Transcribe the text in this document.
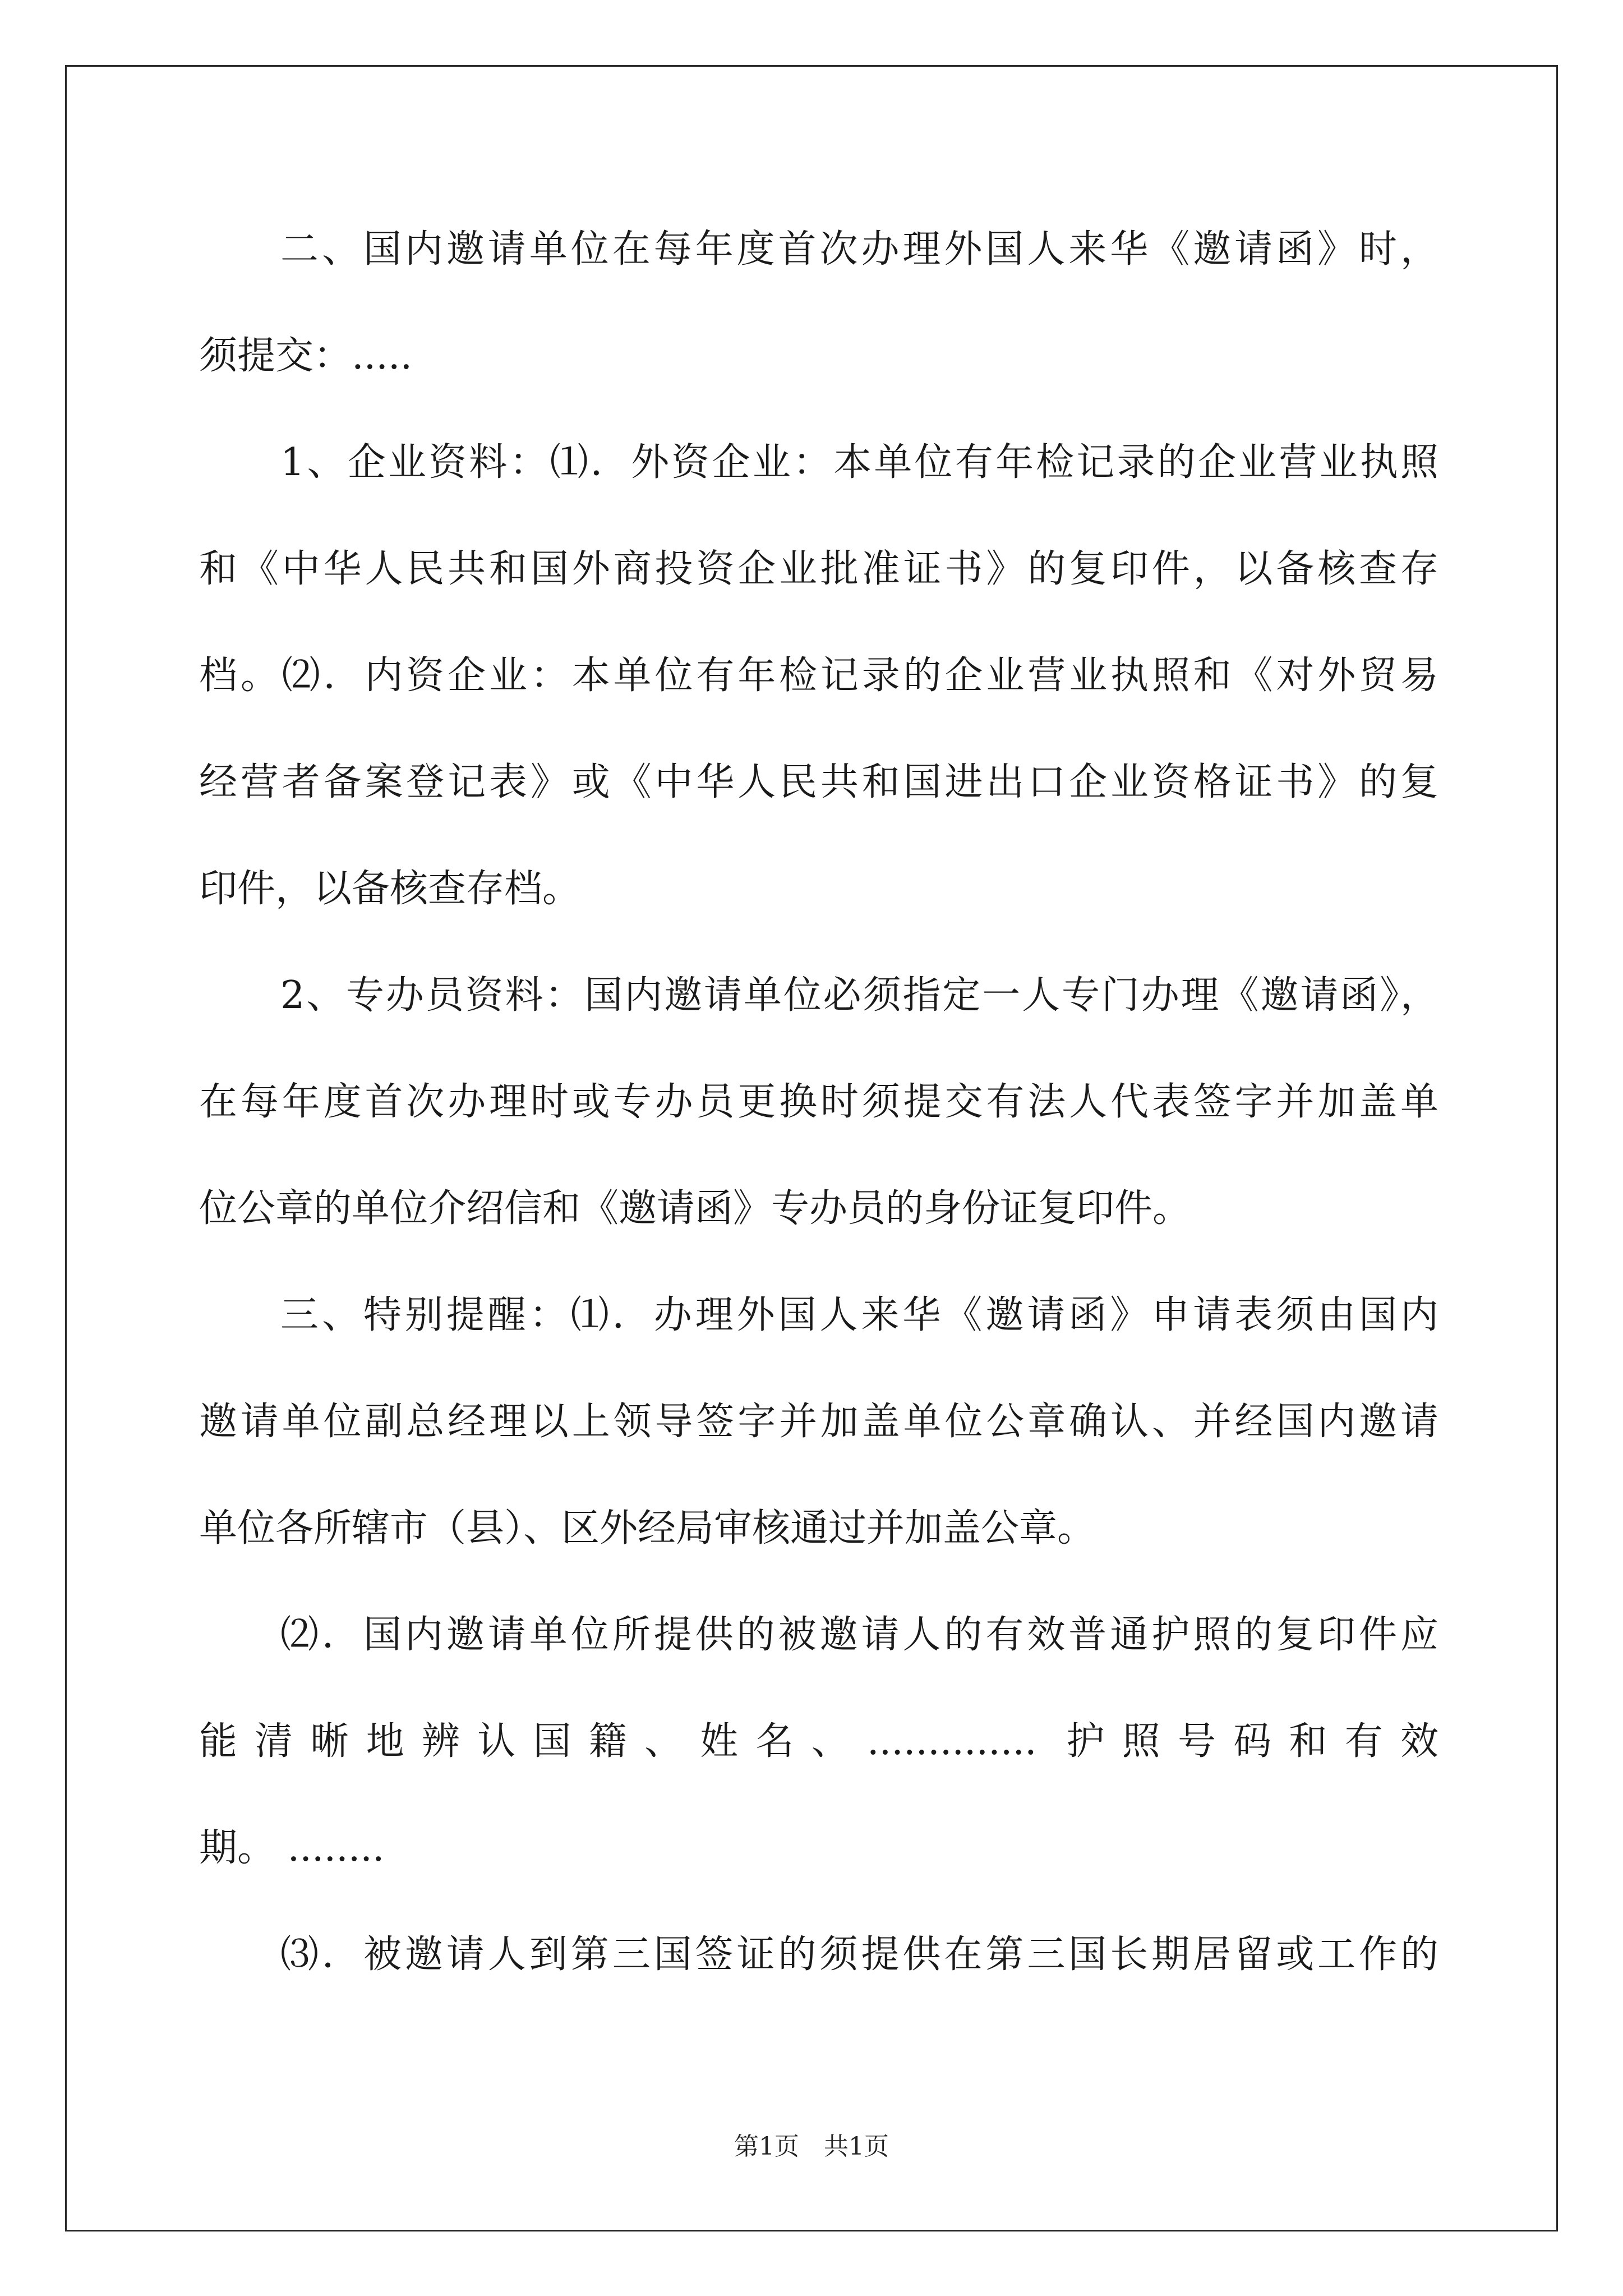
二、国内邀请单位在每年度首次办理外国人来华《邀请函》时，
须提交：.....
1、企业资料：⑴．外资企业：本单位有年检记录的企业营业执照
和《中华人民共和国外商投资企业批准证书》的复印件，以备核查存
档。⑵．内资企业：本单位有年检记录的企业营业执照和《对外贸易
经营者备案登记表》或《中华人民共和国进出口企业资格证书》的复
印件，以备核查存档。
2、专办员资料：国内邀请单位必须指定一人专门办理《邀请函》，
在每年度首次办理时或专办员更换时须提交有法人代表签字并加盖单
位公章的单位介绍信和《邀请函》专办员的身份证复印件。
三、特别提醒：⑴．办理外国人来华《邀请函》申请表须由国内
邀请单位副总经理以上领导签字并加盖单位公章确认、并经国内邀请
单位各所辖市（县）、区外经局审核通过并加盖公章。
⑵．国内邀请单位所提供的被邀请人的有效普通护照的复印件应
能清晰地辨认国籍、姓名、.............. 护照号码和有效
期。 ........
⑶．被邀请人到第三国签证的须提供在第三国长期居留或工作的
第1页　共1页
